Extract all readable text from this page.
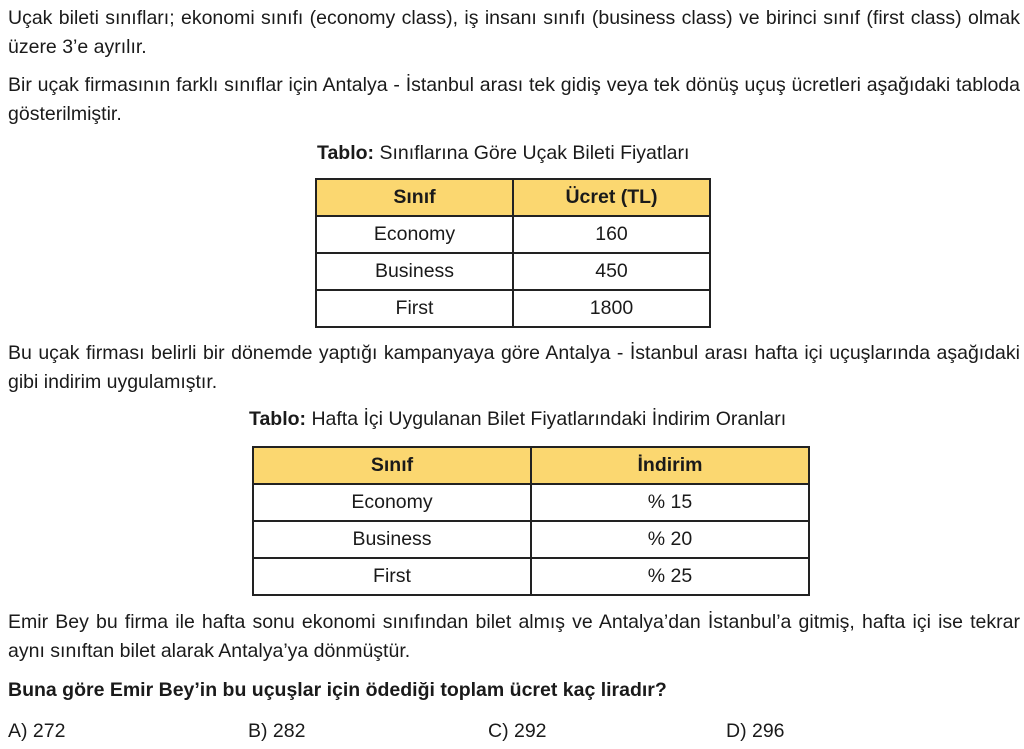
Uçak bileti sınıfları; ekonomi sınıfı (economy class), iş insanı sınıfı (business class) ve birinci sınıf (first class) olmak üzere 3’e ayrılır.

Bir uçak firmasının farklı sınıflar için Antalya - İstanbul arası tek gidiş veya tek dönüş uçuş ücretleri aşağıdaki tabloda gösterilmiştir.

Tablo: Sınıflarına Göre Uçak Bileti Fiyatları
Sınıf	Ücret (TL)
Economy	160
Business	450
First	1800

Bu uçak firması belirli bir dönemde yaptığı kampanyaya göre Antalya - İstanbul arası hafta içi uçuşlarında aşağıdaki gibi indirim uygulamıştır.

Tablo: Hafta İçi Uygulanan Bilet Fiyatlarındaki İndirim Oranları
Sınıf	İndirim
Economy	% 15
Business	% 20
First	% 25

Emir Bey bu firma ile hafta sonu ekonomi sınıfından bilet almış ve Antalya’dan İstanbul’a gitmiş, hafta içi ise tekrar aynı sınıftan bilet alarak Antalya’ya dönmüştür.

Buna göre Emir Bey’in bu uçuşlar için ödediği toplam ücret kaç liradır?

A) 272	B) 282	C) 292	D) 296
